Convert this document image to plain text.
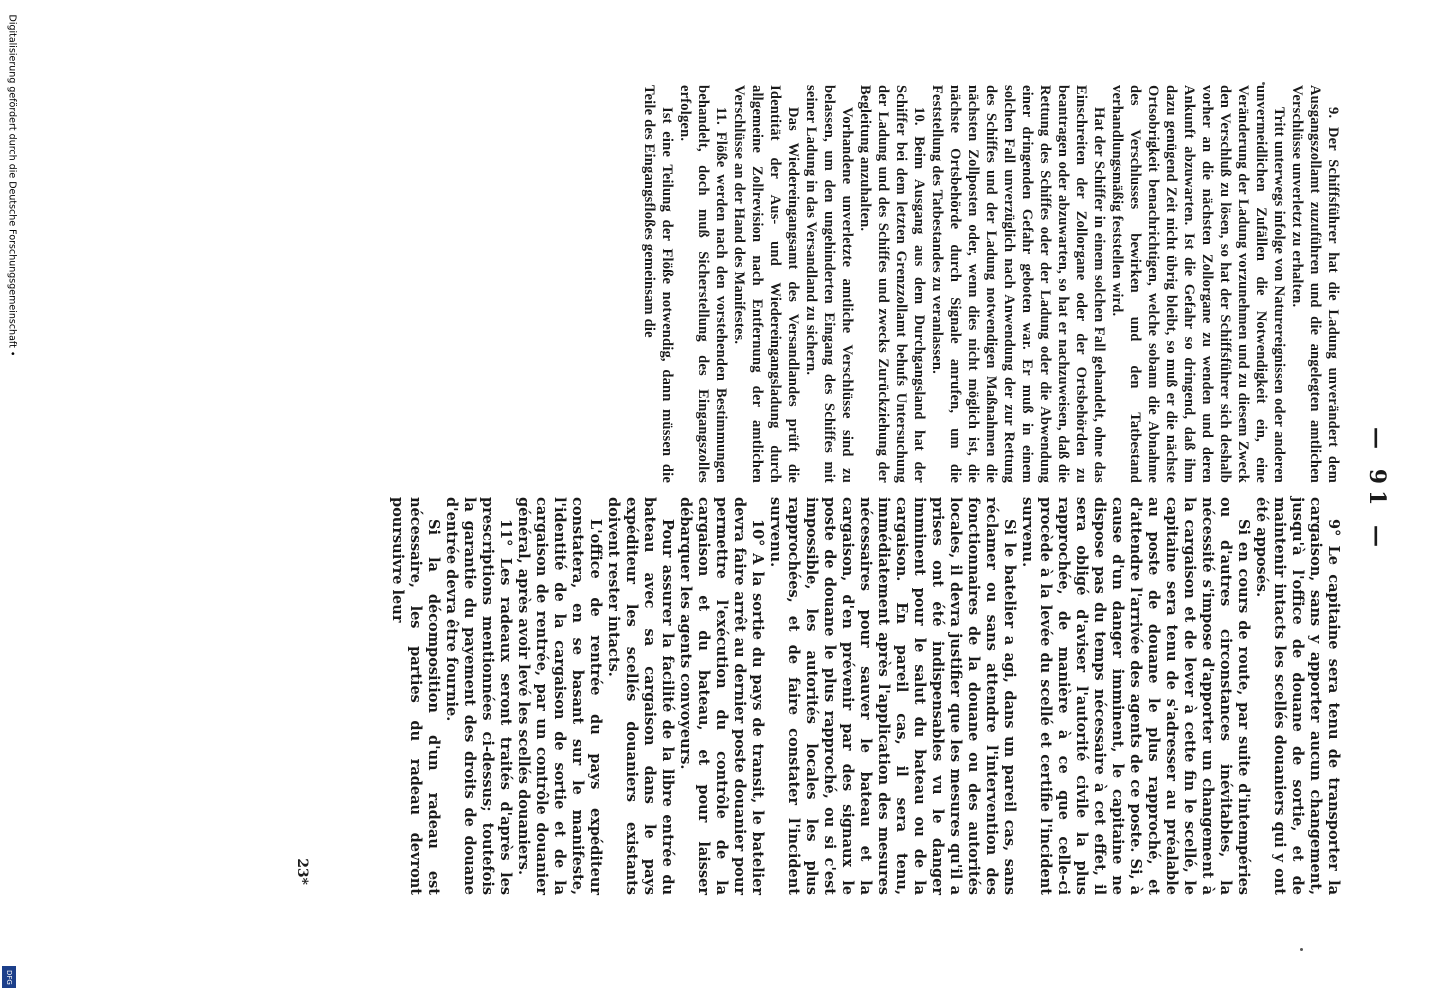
Digitalisierung gefördert durch die Deutsche Forschungsgemeinschaft •
DFG
— 91 —

9. Der Schiffsführer hat die Ladung unverändert dem Ausgangszollamt zuzuführen und die angelegten amtlichen Verschlüsse unverletzt zu erhalten.

Tritt unterwegs infolge von Naturereignissen oder anderen unvermeidlichen Zufällen die Notwendigkeit ein, eine Veränderung der Ladung vorzunehmen und zu diesem Zweck den Verschluß zu lösen, so hat der Schiffsführer sich deshalb vorher an die nächsten Zollorgane zu wenden und deren Ankunft abzuwarten. Ist die Gefahr so dringend, daß ihm dazu genügend Zeit nicht übrig bleibt, so muß er die nächste Ortsobrigkeit benachrichtigen, welche sobann die Abnahme des Verschlusses bewirken und den Tatbestand verhandlungsmäßig feststellen wird.

Hat der Schiffer in einem solchen Fall gehandelt, ohne das Einschreiten der Zollorgane oder der Ortsbehörden zu beantragen oder abzuwarten, so hat er nachzuweisen, daß die Rettung des Schiffes oder der Ladung oder die Abwendung einer dringenden Gefahr geboten war. Er muß in einem solchen Fall unverzüglich nach Anwendung der zur Rettung des Schiffes und der Ladung notwendigen Maßnahmen die nächsten Zollposten oder, wenn dies nicht möglich ist, die nächste Ortsbehörde durch Signale anrufen, um die Feststellung des Tatbestandes zu veranlassen.

10. Beim Ausgang aus dem Durchgangsland hat der Schiffer bei dem letzten Grenzzollamt behufs Untersuchung der Ladung und des Schiffes und zwecks Zurückziehung der Begleitung anzuhalten.

Vorhandene unverletzte amtliche Verschlüsse sind zu belassen, um den ungehinderten Eingang des Schiffes mit seiner Ladung in das Versandland zu sichern.

Das Wiedereingangsamt des Versandlandes prüft die Identität der Aus- und Wiedereingangsladung durch allgemeine Zollrevision nach Entfernung der amtlichen Verschlüsse an der Hand des Manifestes.

11. Flöße werden nach den vorstehenden Bestimmungen behandelt, doch muß Sicherstellung des Eingangszolles erfolgen.

Ist eine Teilung der Flöße notwendig, dann müssen die Teile des Eingangsfloßes gemeinsam die

9° Le capitaine sera tenu de transporter la cargaison, sans y apporter aucun changement, jusqu'à l'office de douane de sortie, et de maintenir intacts les scellés douaniers qui y ont été apposés.

Si en cours de route, par suite d'intempéries ou d'autres circonstances inévitables, la nécessité s'impose d'apporter un changement à la cargaison et de lever à cette fin le scellé, le capitaine sera tenu de s'adresser au préalable au poste de douane le plus rapproché, et d'attendre l'arrivée des agents de ce poste. Si, à cause d'un danger imminent, le capitaine ne dispose pas du temps nécessaire à cet effet, il sera obligé d'aviser l'autorité civile la plus rapprochée, de manière à ce que celle-ci procède à la levée du scellé et certifie l'incident survenu.

Si le batelier a agi, dans un pareil cas, sans réclamer ou sans attendre l'intervention des fonctionnaires de la douane ou des autorités locales, il devra justifier que les mesures qu'il a prises ont été indispensables vu le danger imminent pour le salut du bateau ou de la cargaison. En pareil cas, il sera tenu, immédiatement après l'application des mesures nécessaires pour sauver le bateau et la cargaison, d'en prévenir par des signaux le poste de douane le plus rapproché, ou si c'est impossible, les autorités locales les plus rapprochées, et de faire constater l'incident survenu.

10° A la sortie du pays de transit, le batelier devra faire arrêt au dernier poste douanier pour permettre l'exécution du contrôle de la cargaison et du bateau, et pour laisser débarquer les agents convoyeurs.

Pour assurer la facilité de la libre entrée du bateau avec sa cargaison dans le pays expéditeur les scellés douaniers existants doivent rester intacts.

L'office de rentrée du pays expéditeur constatera, en se basant sur le manifeste, l'identité de la cargaison de sortie et de la cargaison de rentrée, par un contrôle douanier général, après avoir levé les scellés douaniers.

11° Les radeaux seront traités d'après les prescriptions mentionnées ci-dessus; toutefois la garantie du payement des droits de douane d'entrée devra être fournie.

Si la décomposition d'un radeau est nécessaire, les parties du radeau devront poursuivre leur

23*
